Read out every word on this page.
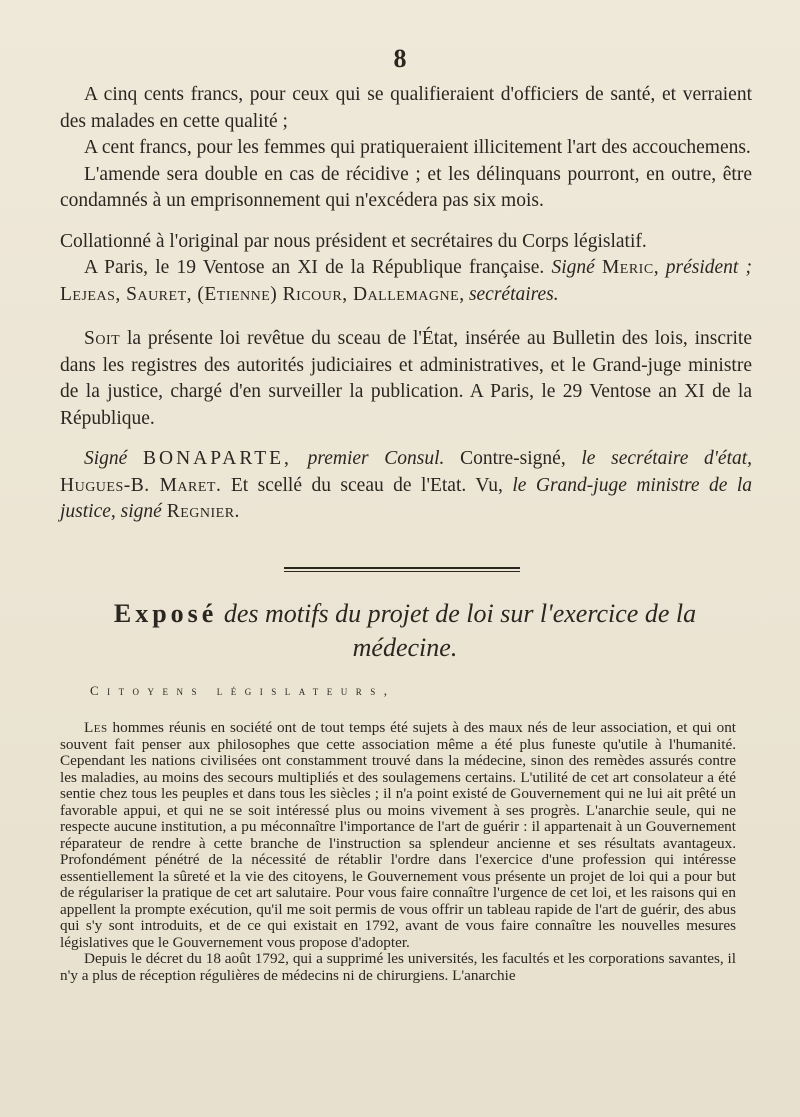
8

A cinq cents francs, pour ceux qui se qualifieraient d'officiers de santé, et verraient des malades en cette qualité ;

A cent francs, pour les femmes qui pratiqueraient illicitement l'art des accouchemens.

L'amende sera double en cas de récidive ; et les délinquans pourront, en outre, être condamnés à un emprisonnement qui n'excédera pas six mois.

Collationné à l'original par nous président et secrétaires du Corps législatif.

A Paris, le 19 Ventose an XI de la République française. Signé Meric, président ; Lejeas, Sauret, (Etienne) Ricour, Dallemagne, secrétaires.

Soit la présente loi revêtue du sceau de l'État, insérée au Bulletin des lois, inscrite dans les registres des autorités judiciaires et administratives, et le Grand-juge ministre de la justice, chargé d'en surveiller la publication. A Paris, le 29 Ventose an XI de la République.

Signé BONAPARTE, premier Consul. Contre-signé, le secrétaire d'état, Hugues-B. Maret. Et scellé du sceau de l'Etat. Vu, le Grand-juge ministre de la justice, signé Regnier.

Exposé des motifs du projet de loi sur l'exercice de la médecine.
Citoyens législateurs,

Les hommes réunis en société ont de tout temps été sujets à des maux nés de leur association, et qui ont souvent fait penser aux philosophes que cette association même a été plus funeste qu'utile à l'humanité. Cependant les nations civilisées ont constamment trouvé dans la médecine, sinon des remèdes assurés contre les maladies, au moins des secours multipliés et des soulagemens certains. L'utilité de cet art consolateur a été sentie chez tous les peuples et dans tous les siècles ; il n'a point existé de Gouvernement qui ne lui ait prêté un favorable appui, et qui ne se soit intéressé plus ou moins vivement à ses progrès. L'anarchie seule, qui ne respecte aucune institution, a pu méconnaître l'importance de l'art de guérir : il appartenait à un Gouvernement réparateur de rendre à cette branche de l'instruction sa splendeur ancienne et ses résultats avantageux. Profondément pénétré de la nécessité de rétablir l'ordre dans l'exercice d'une profession qui intéresse essentiellement la sûreté et la vie des citoyens, le Gouvernement vous présente un projet de loi qui a pour but de régulariser la pratique de cet art salutaire. Pour vous faire connaître l'urgence de cet loi, et les raisons qui en appellent la prompte exécution, qu'il me soit permis de vous offrir un tableau rapide de l'art de guérir, des abus qui s'y sont introduits, et de ce qui existait en 1792, avant de vous faire connaître les nouvelles mesures législatives que le Gouvernement vous propose d'adopter.

Depuis le décret du 18 août 1792, qui a supprimé les universités, les facultés et les corporations savantes, il n'y a plus de réception régulières de médecins ni de chirurgiens. L'anarchie
